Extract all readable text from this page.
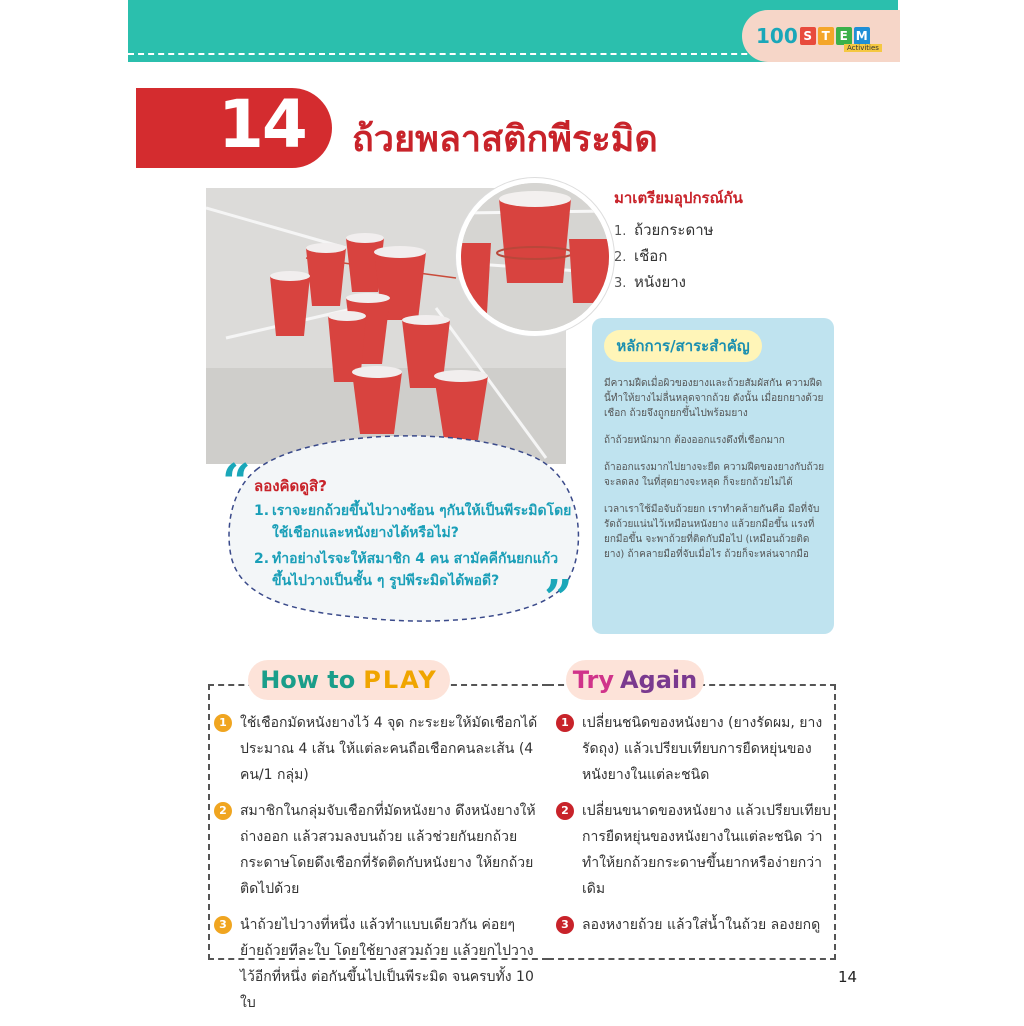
100 S T E M
Activities
14	ถ้วยพลาสติกพีระมิด
มาเตรียมอุปกรณ์กัน
1. ถ้วยกระดาษ
2. เชือก
3. หนังยาง
หลักการ/สาระสำคัญ

มีความฝืดเมื่อผิวของยางและถ้วยสัมผัสกัน ความฝืดนี้ทำให้ยางไม่ลื่นหลุดจากถ้วย ดังนั้น เมื่อยกยางด้วยเชือก ถ้วยจึงถูกยกขึ้นไปพร้อมยาง

ถ้าถ้วยหนักมาก ต้องออกแรงดึงที่เชือกมาก

ถ้าออกแรงมากไปยางจะยืด ความฝืดของยางกับถ้วยจะลดลง ในที่สุดยางจะหลุด ก็จะยกถ้วยไม่ได้

เวลาเราใช้มือจับถ้วยยก เราทำคล้ายกันคือ มือที่จับรัดถ้วยแน่นไว้เหมือนหนังยาง แล้วยกมือขึ้น แรงที่ยกมือขึ้น จะพาถ้วยที่ติดกับมือไป (เหมือนถ้วยติดยาง) ถ้าคลายมือที่จับเมื่อไร ถ้วยก็จะหล่นจากมือ

“
”
ลองคิดดูสิ?
1. เราจะยกถ้วยขึ้นไปวางซ้อน ๆกันให้เป็นพีระมิดโดยใช้เชือกและหนังยางได้หรือไม่?
2. ทำอย่างไรจะให้สมาชิก 4 คน สามัคคีกันยกแก้วขึ้นไปวางเป็นชั้น ๆ รูปพีระมิดได้พอดี?
How to PLAY
1 ใช้เชือกมัดหนังยางไว้ 4 จุด กะระยะให้มัดเชือกได้ประมาณ 4 เส้น ให้แต่ละคนถือเชือกคนละเส้น (4 คน/1 กลุ่ม)
2 สมาชิกในกลุ่มจับเชือกที่มัดหนังยาง ดึงหนังยางให้ถ่างออก แล้วสวมลงบนถ้วย แล้วช่วยกันยกถ้วยกระดาษโดยดึงเชือกที่รัดติดกับหนังยาง ให้ยกถ้วยติดไปด้วย
3 นำถ้วยไปวางที่หนึ่ง แล้วทำแบบเดียวกัน ค่อยๆ ย้ายถ้วยทีละใบ โดยใช้ยางสวมถ้วย แล้วยกไปวางไว้อีกที่หนึ่ง ต่อกันขึ้นไปเป็นพีระมิด จนครบทั้ง 10 ใบ
Try Again
1 เปลี่ยนชนิดของหนังยาง (ยางรัดผม, ยางรัดถุง) แล้วเปรียบเทียบการยืดหยุ่นของหนังยางในแต่ละชนิด
2 เปลี่ยนขนาดของหนังยาง แล้วเปรียบเทียบการยืดหยุ่นของหนังยางในแต่ละชนิด ว่าทำให้ยกถ้วยกระดาษขึ้นยากหรือง่ายกว่าเดิม
3 ลองหงายถ้วย แล้วใส่น้ำในถ้วย ลองยกดู
14
